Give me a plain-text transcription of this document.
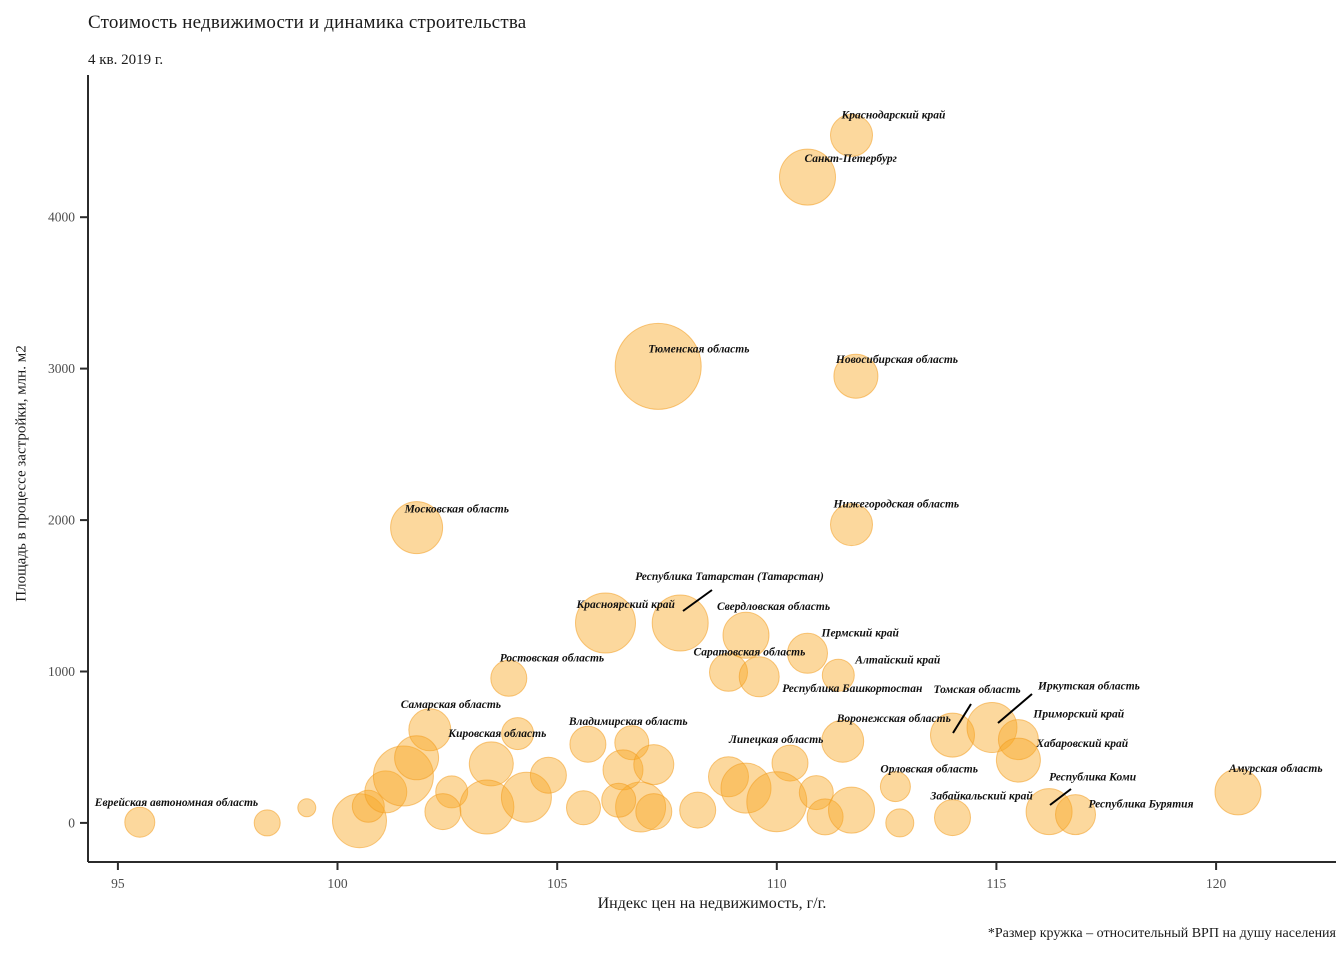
Стоимость недвижимости и динамика строительства
4 кв. 2019 г.
Краснодарский край
Санкт-Петербург
Тюменская область
Новосибирская область
Московская область	Нижегородская область
Республика Татарстан (Татарстан)
Красноярский край	Свердловская область
Пермский край
Саратовская область
Алтайский край
Ростовская область
Республика Башкортостан Томская область Иркутская область
Приморский край
Хабаровский край
Воронежская область
Липецкая область
Орловская область
Забайкальский край
Республика Коми
Республика Бурятия
Амурская область
Еврейская автономная область
Самарская область
Кировская область
Владимирская область
0
1000
2000
3000
4000
95	100	105	110	115	120
Площадь в процессе застройки, млн. м2
Индекс цен на недвижимость, г/г.
*Размер кружка – относительный ВРП на душу населения
